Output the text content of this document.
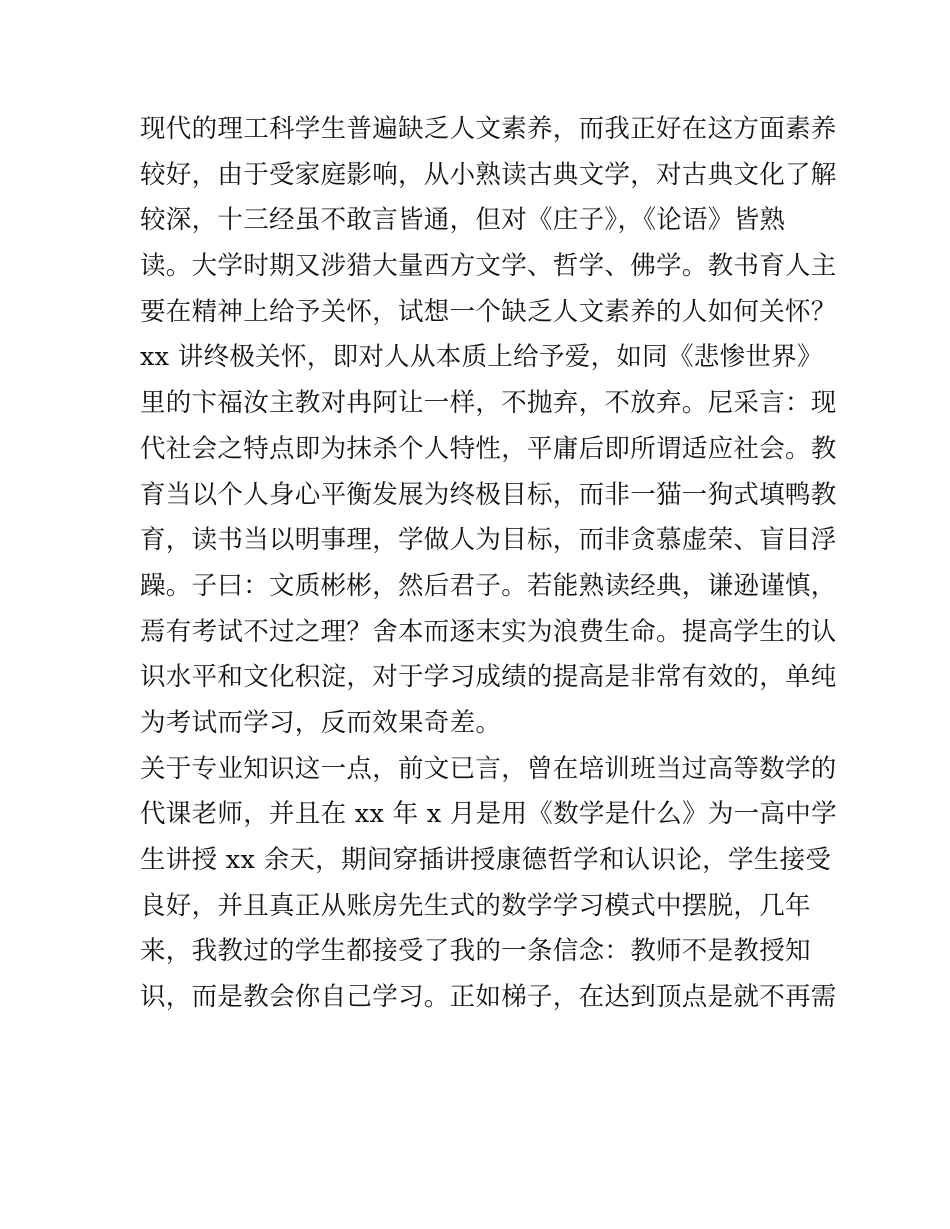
现代的理工科学生普遍缺乏人文素养，而我正好在这方面素养
较好，由于受家庭影响，从小熟读古典文学，对古典文化了解
较深，十三经虽不敢言皆通，但对《庄子》，《论语》皆熟
读。大学时期又涉猎大量西方文学、哲学、佛学。教书育人主
要在精神上给予关怀，试想一个缺乏人文素养的人如何关怀？
xx 讲终极关怀，即对人从本质上给予爱，如同《悲惨世界》
里的卞福汝主教对冉阿让一样，不抛弃，不放弃。尼采言：现
代社会之特点即为抹杀个人特性，平庸后即所谓适应社会。教
育当以个人身心平衡发展为终极目标，而非一猫一狗式填鸭教
育，读书当以明事理，学做人为目标，而非贪慕虚荣、盲目浮
躁。子曰：文质彬彬，然后君子。若能熟读经典，谦逊谨慎，
焉有考试不过之理？舍本而逐末实为浪费生命。提高学生的认
识水平和文化积淀，对于学习成绩的提高是非常有效的，单纯
为考试而学习，反而效果奇差。
关于专业知识这一点，前文已言，曾在培训班当过高等数学的
代课老师，并且在 xx 年 x 月是用《数学是什么》为一高中学
生讲授 xx 余天，期间穿插讲授康德哲学和认识论，学生接受
良好，并且真正从账房先生式的数学学习模式中摆脱，几年
来，我教过的学生都接受了我的一条信念：教师不是教授知
识，而是教会你自己学习。正如梯子，在达到顶点是就不再需
